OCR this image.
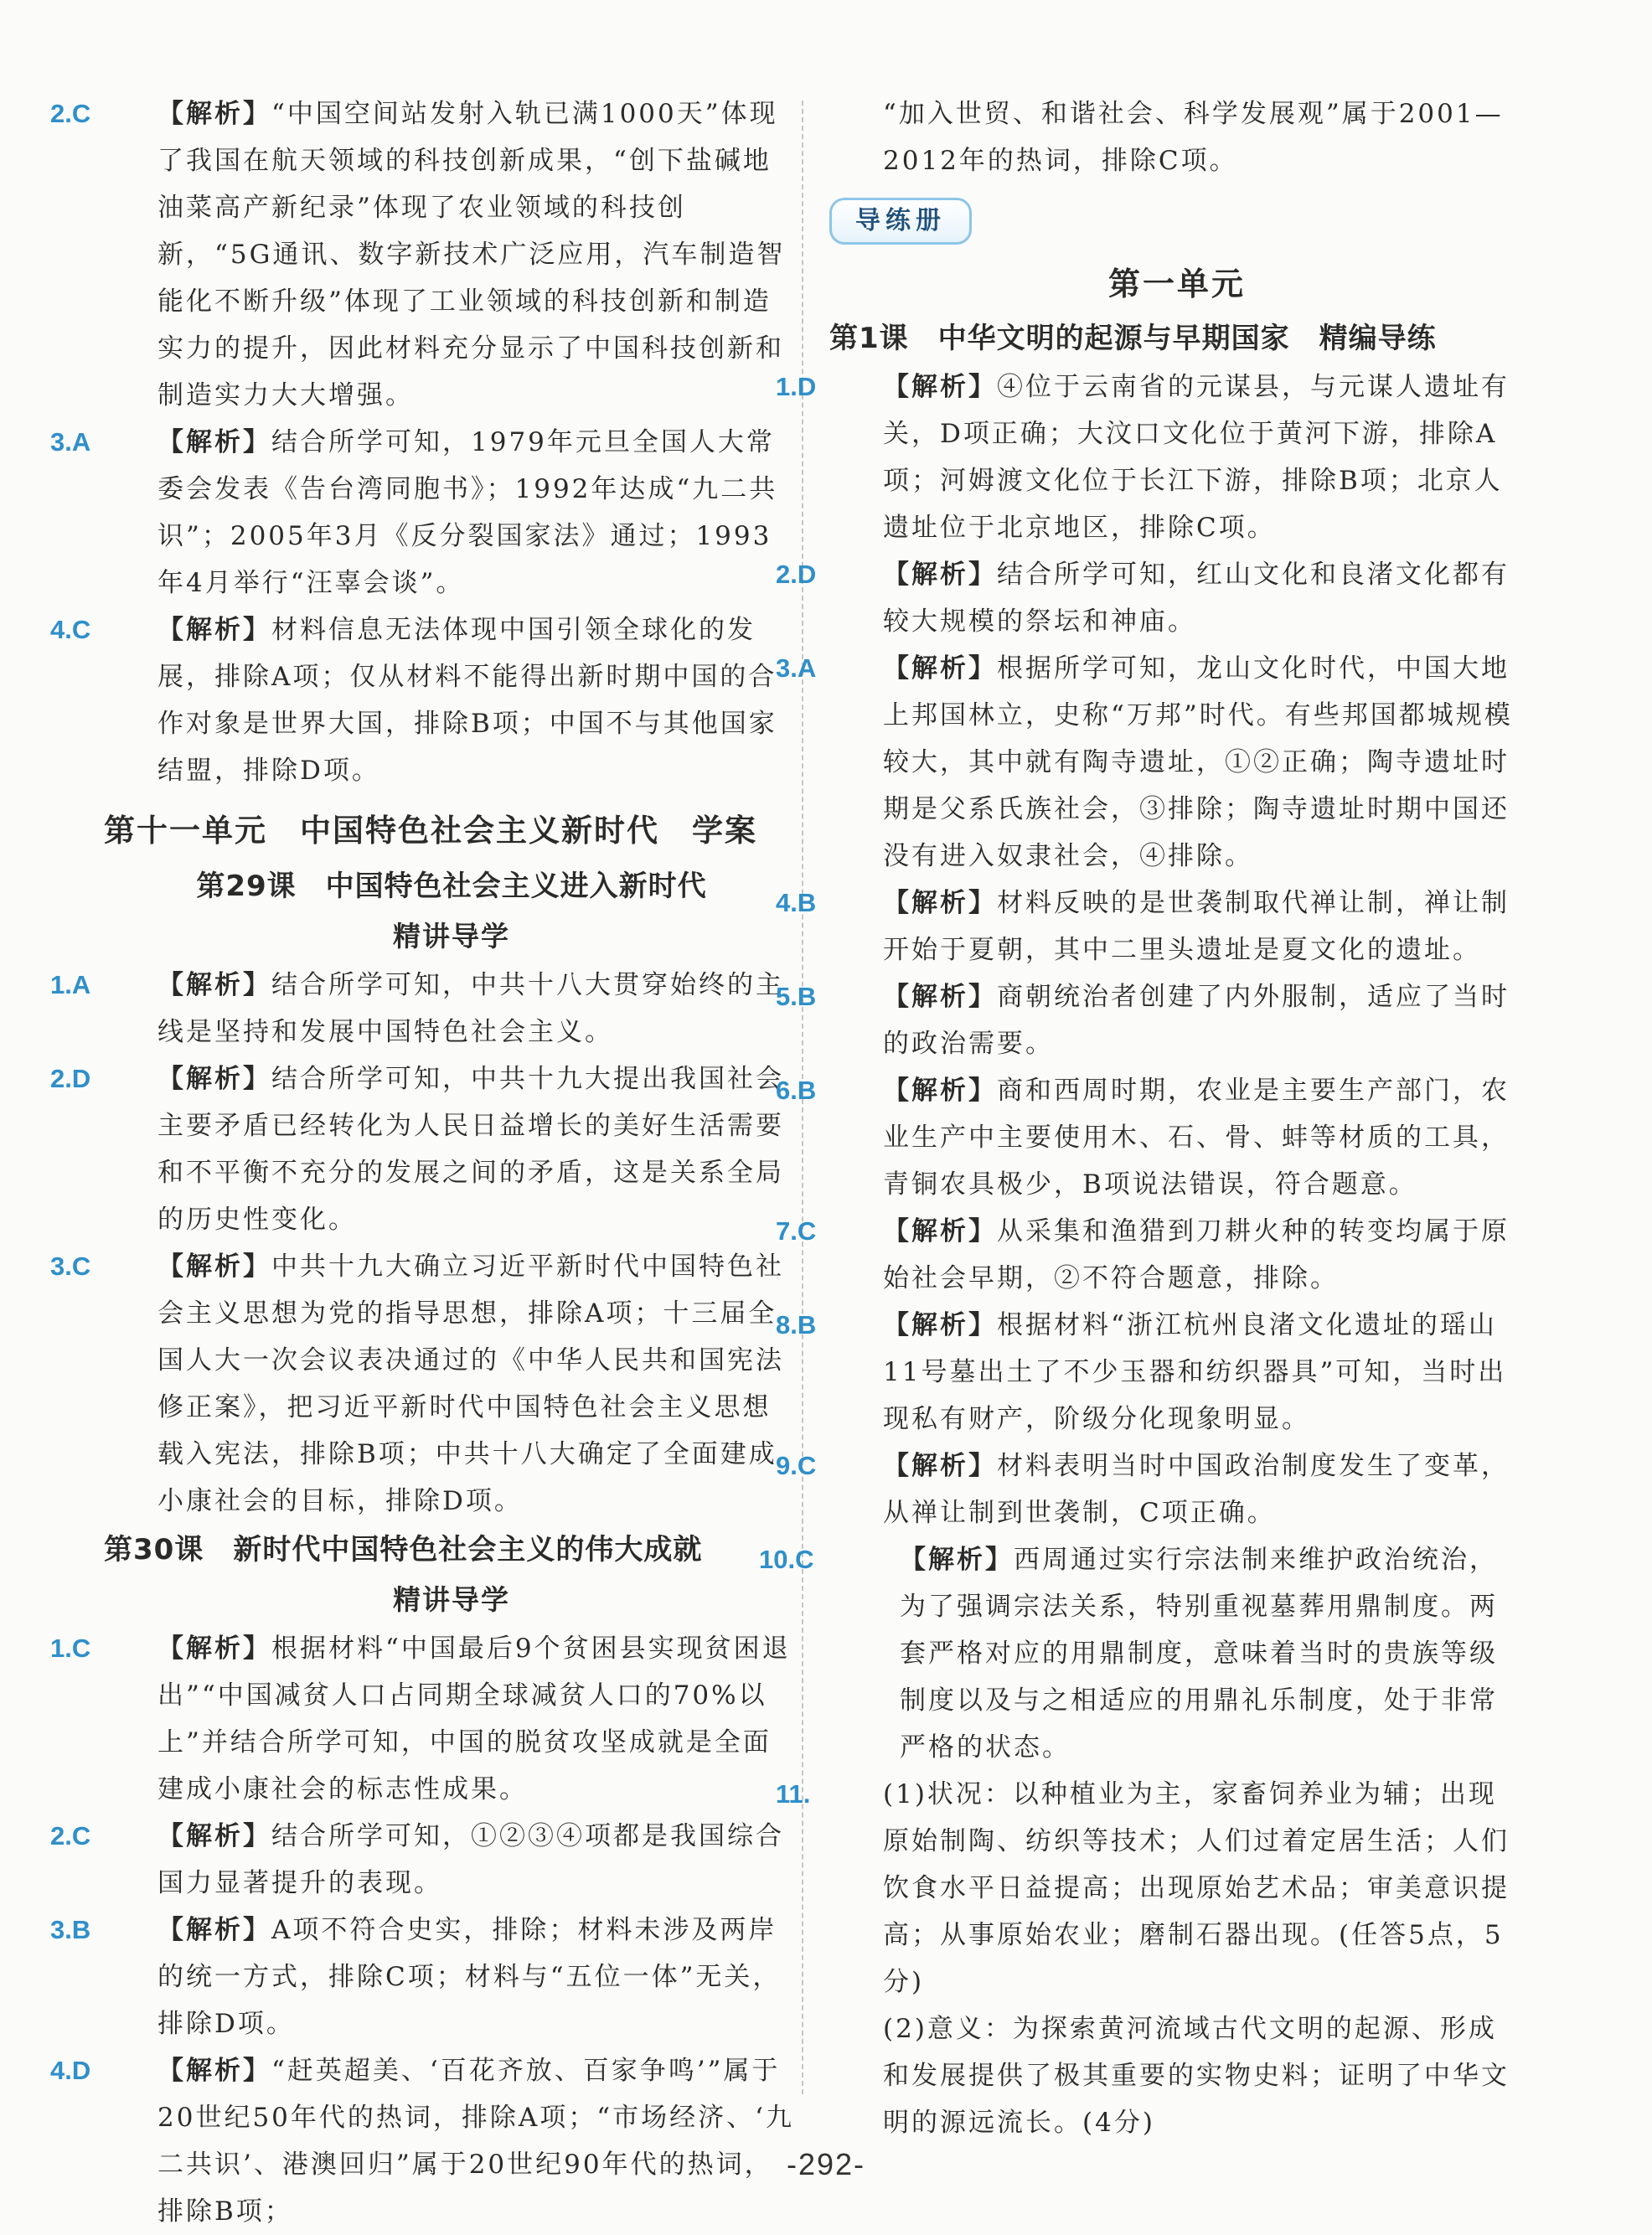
2.C	【解析】“中国空间站发射入轨已满1000天”体现了我国在航天领域的科技创新成果，“创下盐碱地油菜高产新纪录”体现了农业领域的科技创新，“5G通讯、数字新技术广泛应用，汽车制造智能化不断升级”体现了工业领域的科技创新和制造实力的提升，因此材料充分显示了中国科技创新和制造实力大大增强。

3.A	【解析】结合所学可知，1979年元旦全国人大常委会发表《告台湾同胞书》；1992年达成“九二共识”；2005年3月《反分裂国家法》通过；1993年4月举行“汪辜会谈”。

4.C	【解析】材料信息无法体现中国引领全球化的发展，排除A项；仅从材料不能得出新时期中国的合作对象是世界大国，排除B项；中国不与其他国家结盟，排除D项。

第十一单元　中国特色社会主义新时代　学案
第29课　中国特色社会主义进入新时代

精讲导学

1.A	【解析】结合所学可知，中共十八大贯穿始终的主线是坚持和发展中国特色社会主义。

2.D	【解析】结合所学可知，中共十九大提出我国社会主要矛盾已经转化为人民日益增长的美好生活需要和不平衡不充分的发展之间的矛盾，这是关系全局的历史性变化。

3.C	【解析】中共十九大确立习近平新时代中国特色社会主义思想为党的指导思想，排除A项；十三届全国人大一次会议表决通过的《中华人民共和国宪法修正案》，把习近平新时代中国特色社会主义思想载入宪法，排除B项；中共十八大确定了全面建成小康社会的目标，排除D项。

第30课　新时代中国特色社会主义的伟大成就

精讲导学

1.C	【解析】根据材料“中国最后9个贫困县实现贫困退出”“中国减贫人口占同期全球减贫人口的70%以上”并结合所学可知，中国的脱贫攻坚成就是全面建成小康社会的标志性成果。

2.C	【解析】结合所学可知，①②③④项都是我国综合国力显著提升的表现。

3.B	【解析】A项不符合史实，排除；材料未涉及两岸的统一方式，排除C项；材料与“五位一体”无关，排除D项。

4.D	【解析】“赶英超美、‘百花齐放、百家争鸣’”属于20世纪50年代的热词，排除A项；“市场经济、‘九二共识’、港澳回归”属于20世纪90年代的热词，排除B项；

“加入世贸、和谐社会、科学发展观”属于2001—2012年的热词，排除C项。

导练册
第一单元
第1课　中华文明的起源与早期国家　精编导练

1.D	【解析】④位于云南省的元谋县，与元谋人遗址有关，D项正确；大汶口文化位于黄河下游，排除A项；河姆渡文化位于长江下游，排除B项；北京人遗址位于北京地区，排除C项。

2.D	【解析】结合所学可知，红山文化和良渚文化都有较大规模的祭坛和神庙。

3.A	【解析】根据所学可知，龙山文化时代，中国大地上邦国林立，史称“万邦”时代。有些邦国都城规模较大，其中就有陶寺遗址，①②正确；陶寺遗址时期是父系氏族社会，③排除；陶寺遗址时期中国还没有进入奴隶社会，④排除。

4.B	【解析】材料反映的是世袭制取代禅让制，禅让制开始于夏朝，其中二里头遗址是夏文化的遗址。

5.B	【解析】商朝统治者创建了内外服制，适应了当时的政治需要。

6.B	【解析】商和西周时期，农业是主要生产部门，农业生产中主要使用木、石、骨、蚌等材质的工具，青铜农具极少，B项说法错误，符合题意。

7.C	【解析】从采集和渔猎到刀耕火种的转变均属于原始社会早期，②不符合题意，排除。

8.B	【解析】根据材料“浙江杭州良渚文化遗址的瑶山11号墓出土了不少玉器和纺织器具”可知，当时出现私有财产，阶级分化现象明显。

9.C	【解析】材料表明当时中国政治制度发生了变革，从禅让制到世袭制，C项正确。

10.C	【解析】西周通过实行宗法制来维护政治统治，为了强调宗法关系，特别重视墓葬用鼎制度。两套严格对应的用鼎制度，意味着当时的贵族等级制度以及与之相适应的用鼎礼乐制度，处于非常严格的状态。

11.	(1)状况：以种植业为主，家畜饲养业为辅；出现原始制陶、纺织等技术；人们过着定居生活；人们饮食水平日益提高；出现原始艺术品；审美意识提高；从事原始农业；磨制石器出现。(任答5点，5分)

(2)意义：为探索黄河流域古代文明的起源、形成和发展提供了极其重要的实物史料；证明了中华文明的源远流长。(4分)

-292-
